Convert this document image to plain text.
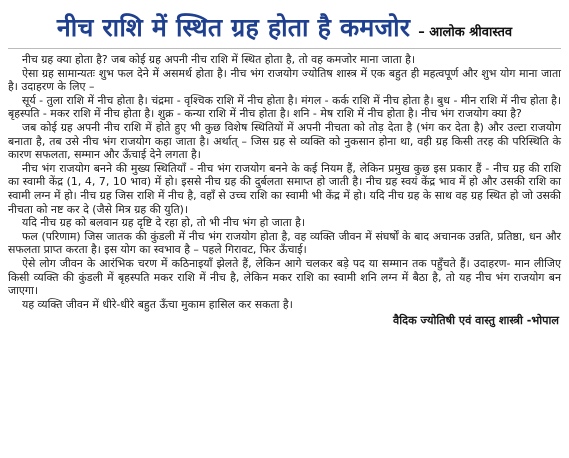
नीच राशि में स्थित ग्रह होता है कमजोर – आलोक श्रीवास्तव

नीच ग्रह क्या होता है? जब कोई ग्रह अपनी नीच राशि में स्थित होता है, तो वह कमजोर माना जाता है।

ऐसा ग्रह सामान्यतः शुभ फल देने में असमर्थ होता है। नीच भंग राजयोग ज्योतिष शास्त्र में एक बहुत ही महत्वपूर्ण और शुभ योग माना जाता है। उदाहरण के लिए –

सूर्य - तुला राशि में नीच होता है। चंद्रमा - वृश्चिक राशि में नीच होता है। मंगल - कर्क राशि में नीच होता है। बुध - मीन राशि में नीच होता है। बृहस्पति - मकर राशि में नीच होता है। शुक्र - कन्या राशि में नीच होता है। शनि - मेष राशि में नीच होता है। नीच भंग राजयोग क्या है?

जब कोई ग्रह अपनी नीच राशि में होते हुए भी कुछ विशेष स्थितियों में अपनी नीचता को तोड़ देता है (भंग कर देता है) और उल्टा राजयोग बनाता है, तब उसे नीच भंग राजयोग कहा जाता है। अर्थात् – जिस ग्रह से व्यक्ति को नुकसान होना था, वही ग्रह किसी तरह की परिस्थिति के कारण सफलता, सम्मान और ऊँचाई देने लगता है।

नीच भंग राजयोग बनने की मुख्य स्थितियाँ - नीच भंग राजयोग बनने के कई नियम हैं, लेकिन प्रमुख कुछ इस प्रकार हैं - नीच ग्रह की राशि का स्वामी केंद्र (1, 4, 7, 10 भाव) में हो। इससे नीच ग्रह की दुर्बलता समाप्त हो जाती है। नीच ग्रह स्वयं केंद्र भाव में हो और उसकी राशि का स्वामी लग्न में हो। नीच ग्रह जिस राशि में नीच है, वहाँ से उच्च राशि का स्वामी भी केंद्र में हो। यदि नीच ग्रह के साथ वह ग्रह स्थित हो जो उसकी नीचता को नष्ट कर दे (जैसे मित्र ग्रह की युति)।

यदि नीच ग्रह को बलवान ग्रह दृष्टि दे रहा हो, तो भी नीच भंग हो जाता है।

फल (परिणाम) जिस जातक की कुंडली में नीच भंग राजयोग होता है, वह व्यक्ति जीवन में संघर्षों के बाद अचानक उन्नति, प्रतिष्ठा, धन और सफलता प्राप्त करता है। इस योग का स्वभाव है – पहले गिरावट, फिर ऊँचाई।

ऐसे लोग जीवन के आरंभिक चरण में कठिनाइयाँ झेलते हैं, लेकिन आगे चलकर बड़े पद या सम्मान तक पहुँचते हैं। उदाहरण- मान लीजिए किसी व्यक्ति की कुंडली में बृहस्पति मकर राशि में नीच है, लेकिन मकर राशि का स्वामी शनि लग्न में बैठा है, तो यह नीच भंग राजयोग बन जाएगा।

यह व्यक्ति जीवन में धीरे-धीरे बहुत ऊँचा मुकाम हासिल कर सकता है।

वैदिक ज्योतिषी एवं वास्तु शास्त्री -भोपाल
